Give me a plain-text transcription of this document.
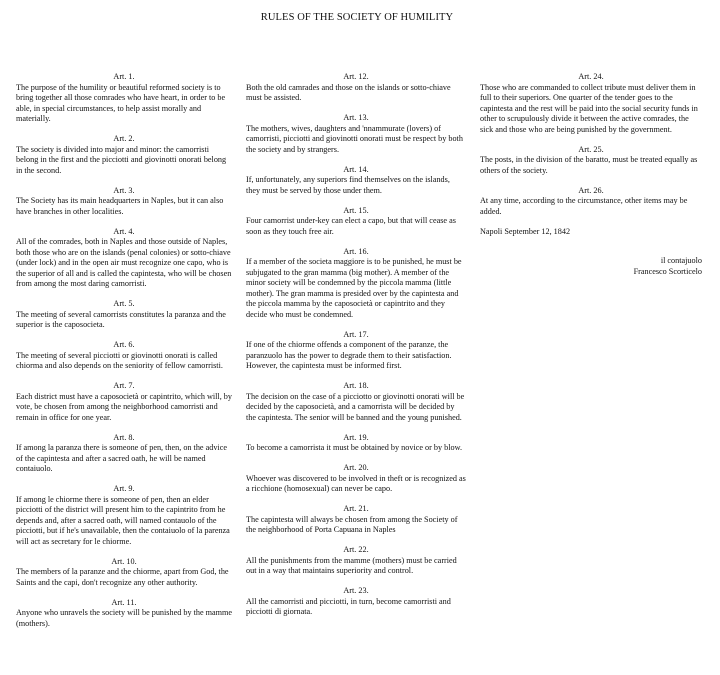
RULES OF THE SOCIETY OF HUMILITY
Art. 1.
The purpose of the humility or beautiful reformed society is to bring together all those comrades who have heart, in order to be able, in special circumstances, to help assist morally and materially.
Art. 2.
The society is divided into major and minor: the camorristi belong in the first and the picciotti and giovinotti onorati belong in the second.
Art. 3.
The Society has its main headquarters in Naples, but it can also have branches in other localities.
Art. 4.
All of the comrades, both in Naples and those outside of Naples, both those who are on the islands (penal colonies) or sotto-chiave (under lock) and in the open air must recognize one capo, who is the superior of all and is called the capintesta, who will be chosen from among the most daring camorristi.
Art. 5.
The meeting of several camorrists constitutes la paranza and the superior is the caposocieta.
Art. 6.
The meeting of several picciotti or giovinotti onorati is called chiorma and also depends on the seniority of fellow camorristi.
Art. 7.
Each district must have a caposocietà or capintrito, which will, by vote, be chosen from among the neighborhood camorristi and remain in office for one year.
Art. 8.
If among la paranza there is someone of pen, then, on the advice of the capintesta and after a sacred oath, he will be named contaiuolo.
Art. 9.
If among le chiorme there is someone of pen, then an elder picciotti of the district will present him to the capintrito from he depends and, after a sacred oath, will named contauolo of the picciotti, but if he's unavailable, then the contaiuolo of la parenza will act as secretary for le chiorme.
Art. 10.
The members of la paranze and the chiorme, apart from God, the Saints and the capi, don't recognize any other authority.
Art. 11.
Anyone who unravels the society will be punished by the mamme (mothers).
Art. 12.
Both the old camrades and those on the islands or sotto-chiave must be assisted.
Art. 13.
The mothers, wives, daughters and 'nnammurate (lovers) of camorristi, picciotti and giovinotti onorati must be respect by both the society and by strangers.
Art. 14.
If, unfortunately, any superiors find themselves on the islands, they must be served by those under them.
Art. 15.
Four camorrist under-key can elect a capo, but that will cease as soon as they touch free air.
Art. 16.
If a member of the societa maggiore is to be punished, he must be subjugated to the gran mamma (big mother). A member of the minor society will be condemned by the piccola mamma (little mother). The gran mamma is presided over by the capintesta and the piccola mamma by the caposocietà or capintrito and they decide who must be condemned.
Art. 17.
If one of the chiorme offends a component of the paranze, the paranzuolo has the power to degrade them to their satisfaction. However, the capintesta must be informed first.
Art. 18.
The decision on the case of a picciotto or giovinotti onorati will be decided by the caposocietà, and a camorrista will be decided by the capintesta. The senior will be banned and the young punished.
Art. 19.
To become a camorrista it must be obtained by novice or by blow.
Art. 20.
Whoever was discovered to be involved in theft or is recognized as a ricchione (homosexual) can never be capo.
Art. 21.
The capintesta will always be chosen from among the Society of the neighborhood of Porta Capuana in Naples
Art. 22.
All the punishments from the mamme (mothers) must be carried out in a way that maintains superiority and control.
Art. 23.
All the camorristi and picciotti, in turn, become camorristi and picciotti di giornata.
Art. 24.
Those who are commanded to collect tribute must deliver them in full to their superiors. One quarter of the tender goes to the capintesta and the rest will be paid into the social security funds in other to scrupulously divide it between the active comrades, the sick and those who are being punished by the government.
Art. 25.
The posts, in the division of the baratto, must be treated equally as others of the society.
Art. 26.
At any time, according to the circumstance, other items may be added.
Napoli September 12, 1842
il contajuolo
Francesco Scorticelo
